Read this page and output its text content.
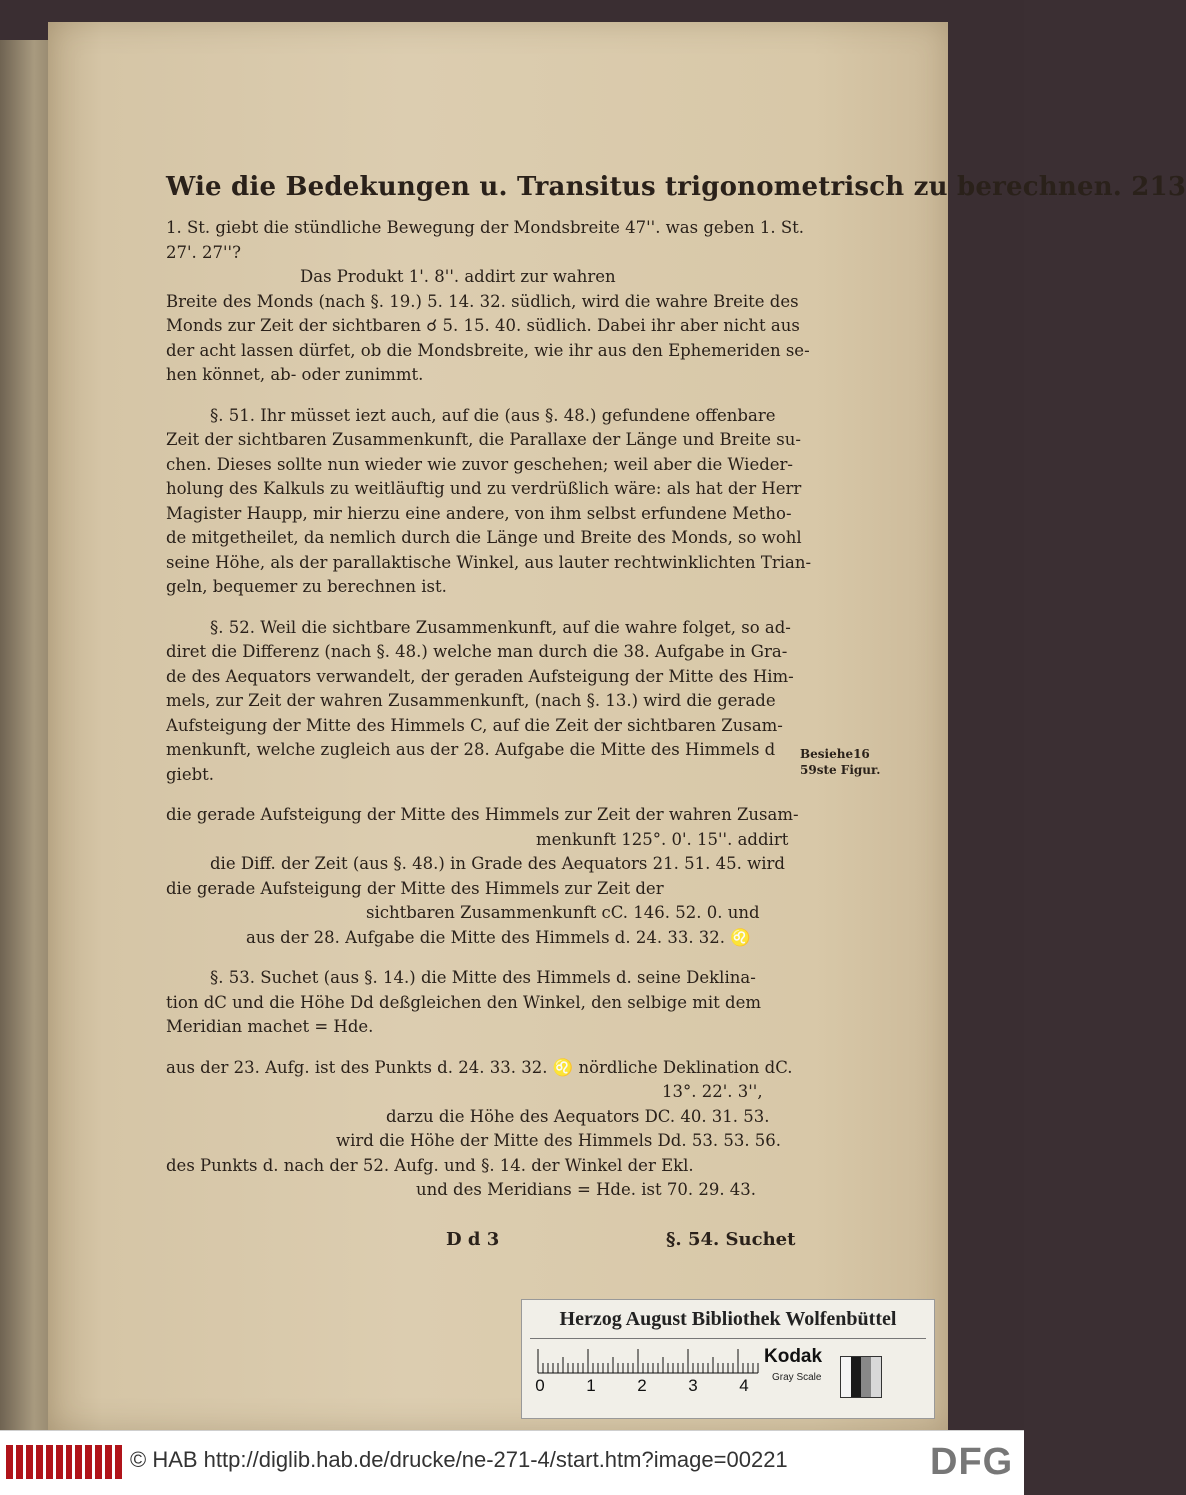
Wie die Bedekungen u. Transitus trigonometrisch zu berechnen. 213
1. St. giebt die stündliche Bewegung der Mondsbreite 47''. was geben 1. St.
27'. 27''?
Das Produkt 1'. 8''. addirt zur wahren
Breite des Monds (nach §. 19.) 5. 14. 32. südlich, wird die wahre Breite des
Monds zur Zeit der sichtbaren ☌ 5. 15. 40. südlich. Dabei ihr aber nicht aus
der acht lassen dürfet, ob die Mondsbreite, wie ihr aus den Ephemeriden se-
hen könnet, ab- oder zunimmt.
§. 51. Ihr müsset iezt auch, auf die (aus §. 48.) gefundene offenbare
Zeit der sichtbaren Zusammenkunft, die Parallaxe der Länge und Breite su-
chen. Dieses sollte nun wieder wie zuvor geschehen; weil aber die Wieder-
holung des Kalkuls zu weitläuftig und zu verdrüßlich wäre: als hat der Herr
Magister Haupp, mir hierzu eine andere, von ihm selbst erfundene Metho-
de mitgetheilet, da nemlich durch die Länge und Breite des Monds, so wohl
seine Höhe, als der parallaktische Winkel, aus lauter rechtwinklichten Trian-
geln, bequemer zu berechnen ist.
§. 52. Weil die sichtbare Zusammenkunft, auf die wahre folget, so ad-
diret die Differenz (nach §. 48.) welche man durch die 38. Aufgabe in Gra-
de des Aequators verwandelt, der geraden Aufsteigung der Mitte des Him-
mels, zur Zeit der wahren Zusammenkunft, (nach §. 13.) wird die gerade
Aufsteigung der Mitte des Himmels C, auf die Zeit der sichtbaren Zusam-
menkunft, welche zugleich aus der 28. Aufgabe die Mitte des Himmels d
giebt.
die gerade Aufsteigung der Mitte des Himmels zur Zeit der wahren Zusam-
menkunft 125°. 0'. 15''. addirt
die Diff. der Zeit (aus §. 48.) in Grade des Aequators 21. 51. 45. wird
die gerade Aufsteigung der Mitte des Himmels zur Zeit der
sichtbaren Zusammenkunft cC. 146. 52. 0. und
aus der 28. Aufgabe die Mitte des Himmels d. 24. 33. 32. ♌
§. 53. Suchet (aus §. 14.) die Mitte des Himmels d. seine Deklina-
tion dC und die Höhe Dd deßgleichen den Winkel, den selbige mit dem
Meridian machet = Hde.
aus der 23. Aufg. ist des Punkts d. 24. 33. 32. ♌ nördliche Deklination dC.
13°. 22'. 3'',
darzu die Höhe des Aequators DC. 40. 31. 53.
wird die Höhe der Mitte des Himmels Dd. 53. 53. 56.
des Punkts d. nach der 52. Aufg. und §. 14. der Winkel der Ekl.
und des Meridians = Hde. ist 70. 29. 43.
D d 3	§. 54. Suchet
Besiehe16 59ste Figur.
Herzog August Bibliothek Wolfenbüttel
0	1	2	3	4
Kodak
Gray Scale
© HAB http://diglib.hab.de/drucke/ne-271-4/start.htm?image=00221	DFG
